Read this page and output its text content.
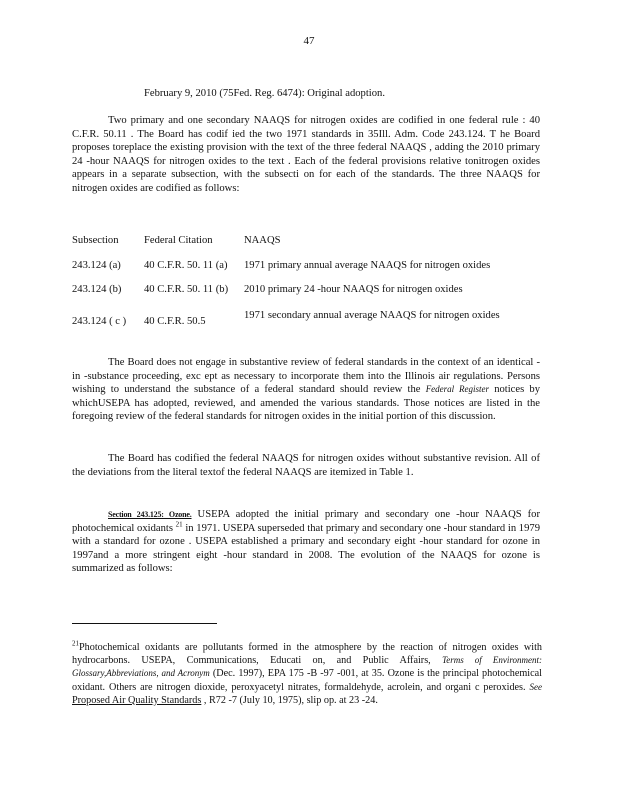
47
February 9, 2010 (75Fed. Reg. 6474): Original adoption.
Two primary and one secondary NAAQS for nitrogen oxides are codified in one federal rule : 40 C.F.R. 50.11 . The Board has codif ied the two 1971 standards in 35Ill. Adm. Code 243.124. T he Board proposes toreplace the existing provision with the text of the three federal NAAQS , adding the 2010 primary 24 -hour NAAQS for nitrogen oxides to the text . Each of the federal provisions relative tonitrogen oxides appears in a separate subsection, with the subsecti on for each of the standards. The three NAAQS for nitrogen oxides are codified as follows:
Subsection Federal Citation	NAAQS
243.124 (a) 40 C.F.R. 50. 11 (a) 1971 primary annual average NAAQS for nitrogen oxides
243.124 (b) 40 C.F.R. 50. 11 (b) 2010 primary 24 -hour NAAQS for nitrogen oxides
243.124 ( c ) 40 C.F.R. 50.5
1971 secondary annual average NAAQS for nitrogen oxides
The Board does not engage in substantive review of federal standards in the context of an identical -in -substance proceeding, exc ept as necessary to incorporate them into the Illinois air regulations. Persons wishing to understand the substance of a federal standard should review the Federal Register notices by whichUSEPA has adopted, reviewed, and amended the various standards. Those notices are listed in the foregoing review of the federal standards for nitrogen oxides in the initial portion of this discussion.
The Board has codified the federal NAAQS for nitrogen oxides without substantive revision. All of the deviations from the literal textof the federal NAAQS are itemized in Table 1.
Section 243.125: Ozone. USEPA adopted the initial primary and secondary one -hour NAAQS for photochemical oxidants $^{21}$ in 1971. USEPA superseded that primary and secondary one -hour standard in 1979 with a standard for ozone . USEPA established a primary and secondary eight -hour standard for ozone in 1997and a more stringent eight -hour standard in 2008. The evolution of the NAAQS for ozone is summarized as follows:
$^{21}$Photochemical oxidants are pollutants formed in the atmosphere by the reaction of nitrogen oxides with hydrocarbons. USEPA, Communications, Educati on, and Public Affairs, Terms of Environment: Glossary,Abbreviations, and Acronym (Dec. 1997), EPA 175 -B -97 -001, at 35. Ozone is the principal photochemical oxidant. Others are nitrogen dioxide, peroxyacetyl nitrates, formaldehyde, acrolein, and organi c peroxides. See Proposed Air Quality Standards , R72 -7 (July 10, 1975), slip op. at 23 -24.
